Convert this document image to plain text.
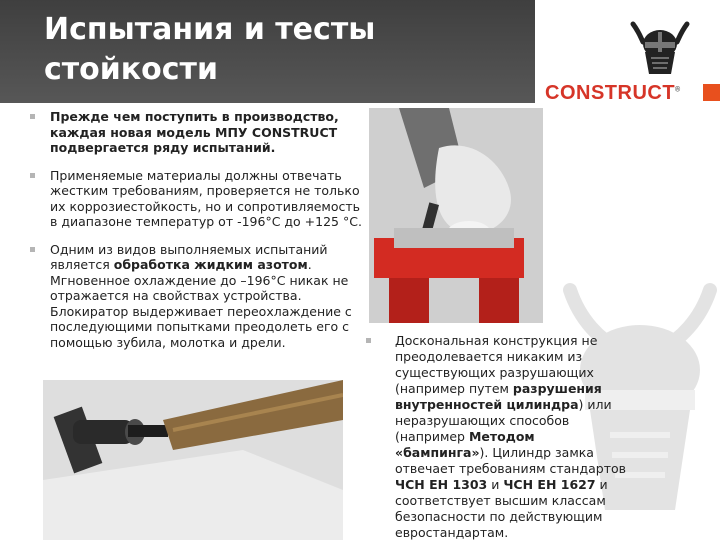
Испытания и тесты
стойкости
CONSTRUCT®
Прежде чем поступить в производство, каждая новая модель МПУ CONSTRUCT подвергается ряду испытаний.
Применяемые материалы должны отвечать жестким требованиям, проверяется не только их коррозиестойкость, но и сопротивляемость в диапазоне температур от -196°C до +125 °C.
Одним из видов выполняемых испытаний является обработка жидким азотом. Мгновенное охлаждение до –196°C никак не отражается на свойствах устройства. Блокиратор выдерживает переохлаждение с последующими попытками преодолеть его с помощью зубила, молотка и дрели.	Доскональная конструкция не преодолевается никаким из существующих разрушающих (например путем разрушения внутренностей цилиндра) или неразрушающих способов (например Методом «бампинга»). Цилиндр замка отвечает требованиям стандартов ЧСН ЕН 1303 и ЧСН ЕН 1627 и соответствует высшим классам безопасности по действующим евростандартам.
